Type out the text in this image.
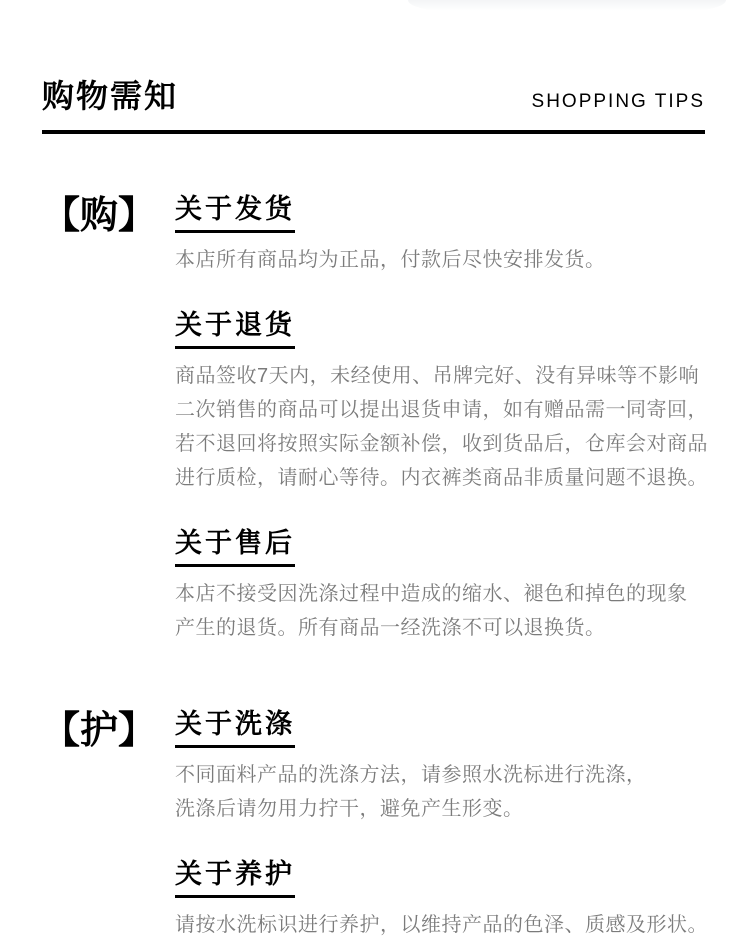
购物需知	SHOPPING TIPS
【购】 关于发货
本店所有商品均为正品，付款后尽快安排发货。
关于退货
商品签收7天内，未经使用、吊牌完好、没有异味等不影响
二次销售的商品可以提出退货申请，如有赠品需一同寄回，
若不退回将按照实际金额补偿，收到货品后，仓库会对商品
进行质检，请耐心等待。内衣裤类商品非质量问题不退换。
关于售后
本店不接受因洗涤过程中造成的缩水、褪色和掉色的现象
产生的退货。所有商品一经洗涤不可以退换货。
【护】 关于洗涤
不同面料产品的洗涤方法，请参照水洗标进行洗涤，
洗涤后请勿用力拧干，避免产生形变。
关于养护
请按水洗标识进行养护，以维持产品的色泽、质感及形状。
